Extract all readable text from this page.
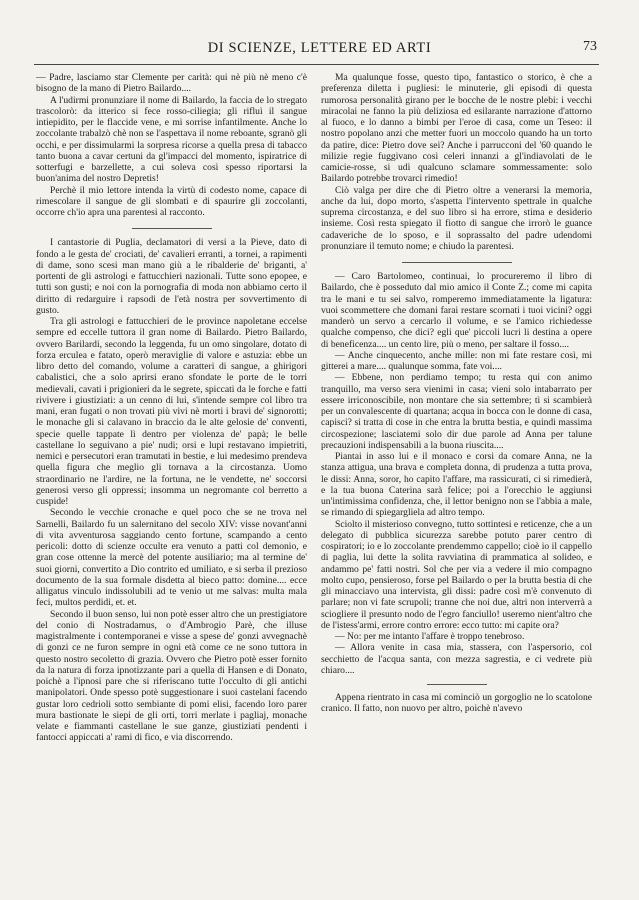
DI SCIENZE, LETTERE ED ARTI	73

— Padre, lasciamo star Clemente per carità: qui nè più nè meno c'è bisogno de la mano di Pietro Bailardo....

A l'udirmi pronunziare il nome di Bailardo, la faccia de lo stregato trascolorò: da itterico si fece rosso-ciliegia; gli rifluì il sangue intiepidito, per le flaccide vene, e mi sorrise infantilmente. Anche lo zoccolante trabalzò chè non se l'aspettava il nome reboante, sgranò gli occhi, e per dissimularmi la sorpresa ricorse a quella presa di tabacco tanto buona a cavar certuni da gl'impacci del momento, ispiratrice di sotterfugi e barzellette, a cui soleva così spesso riportarsi la buon'anima del nostro Depretis!

Perchè il mio lettore intenda la virtù di codesto nome, capace di rimescolare il sangue de gli slombati e di spaurire gli zoccolanti, occorre ch'io apra una parentesi al racconto.

I cantastorie di Puglia, declamatori di versi a la Pieve, dato di fondo a le gesta de' crociati, de' cavalieri erranti, a tornei, a rapimenti di dame, sono scesi man mano giù a le ribalderie de' briganti, a' portenti de gli astrologi e fattucchieri nazionali. Tutte sono epopee, e tutti son gusti; e noi con la pornografia di moda non abbiamo certo il diritto di redarguire i rapsodi de l'età nostra per sovvertimento di gusto.

Tra gli astrologi e fattucchieri de le province napoletane eccelse sempre ed eccelle tuttora il gran nome di Bailardo. Pietro Bailardo, ovvero Barilardi, secondo la leggenda, fu un omo singolare, dotato di forza erculea e fatato, operò meraviglie di valore e astuzia: ebbe un libro detto del comando, volume a caratteri di sangue, a ghirigori cabalistici, che a solo aprirsi erano sfondate le porte de le torri medievali, cavati i prigionieri da le segrete, spiccati da le forche e fatti rivivere i giustiziati: a un cenno di lui, s'intende sempre col libro tra mani, eran fugati o non trovati più vivi nè morti i bravi de' signorotti; le monache gli si calavano in braccio da le alte gelosie de' conventi, specie quelle tappate lì dentro per violenza de' papà; le belle castellane lo seguivano a pie' nudi; orsi e lupi restavano impietriti, nemici e persecutori eran tramutati in bestie, e lui medesimo prendeva quella figura che meglio gli tornava a la circostanza. Uomo straordinario ne l'ardire, ne la fortuna, ne le vendette, ne' soccorsi generosi verso gli oppressi; insomma un negromante col berretto a cuspide!

Secondo le vecchie cronache e quel poco che se ne trova nel Sarnelli, Bailardo fu un salernitano del secolo XIV: visse novant'anni di vita avventurosa saggiando cento fortune, scampando a cento pericoli: dotto di scienze occulte era venuto a patti col demonio, e gran cose ottenne la mercè del potente ausiliario; ma al termine de' suoi giorni, convertito a Dio contrito ed umiliato, e si serba il prezioso documento de la sua formale disdetta al bieco patto: domine.... ecce alligatus vinculo indissolubili ad te venio ut me salvas: multa mala feci, multos perdidi, et. et.

Secondo il buon senso, lui non potè esser altro che un prestigiatore del conio di Nostradamus, o d'Ambrogio Parè, che illuse magistralmente i contemporanei e visse a spese de' gonzi avvegnachè di gonzi ce ne furon sempre in ogni età come ce ne sono tuttora in questo nostro secoletto di grazia. Ovvero che Pietro potè esser fornito da la natura di forza ipnotizzante pari a quella di Hansen e di Donato, poichè a l'ipnosi pare che si riferiscano tutte l'occulto di gli antichi manipolatori. Onde spesso potè suggestionare i suoi castelani facendo gustar loro cedrioli sotto sembiante di pomi elisi, facendo loro parer mura bastionate le siepi de gli orti, torri merlate i pagliaj, monache velate e fiammanti castellane le sue ganze, giustiziati pendenti i fantocci appiccati a' rami di fico, e via discorrendo.

Ma qualunque fosse, questo tipo, fantastico o storico, è che a preferenza diletta i pugliesi: le minuterie, gli episodi di questa rumorosa personalità girano per le bocche de le nostre plebi: i vecchi miracolai ne fanno la più deliziosa ed esilarante narrazione d'attorno al fuoco, e lo danno a bimbi per l'eroe di casa, come un Teseo: il nostro popolano anzi che metter fuori un moccolo quando ha un torto da patire, dice: Pietro dove sei? Anche i parrucconi del '60 quando le milizie regie fuggivano così celeri innanzi a gl'indiavolati de le camicie-rosse, si udì qualcuno sclamare sommessamente: solo Bailardo potrebbe trovarci rimedio!

Ciò valga per dire che di Pietro oltre a venerarsi la memoria, anche da lui, dopo morto, s'aspetta l'intervento spettrale in qualche suprema circostanza, e del suo libro si ha errore, stima e desiderio insieme. Così resta spiegato il fiotto di sangue che irrorò le guance cadaveriche de lo sposo, e il soprassalto del padre udendomi pronunziare il temuto nome; e chiudo la parentesi.

— Caro Bartolomeo, continuai, lo procureremo il libro di Bailardo, che è posseduto dal mio amico il Conte Z.; come mi capita tra le mani e tu sei salvo, romperemo immediatamente la ligatura: vuoi scommettere che domani farai restare scornati i tuoi vicini? oggi manderò un servo a cercarlo il volume, e se l'amico richiedesse qualche compenso, che dici? egli que' piccoli lucri li destina a opere di beneficenza.... un cento lire, più o meno, per saltare il fosso....

— Anche cinquecento, anche mille: non mi fate restare così, mi gitterei a mare.... qualunque somma, fate voi....

— Ebbene, non perdiamo tempo; tu resta qui con animo tranquillo, ma verso sera vienimi in casa; vieni solo intabarrato per essere irriconoscibile, non montare che sia settembre; tì si scambierà per un convalescente di quartana; acqua in bocca con le donne di casa, capisci? si tratta di cose in che entra la brutta bestia, e quindi massima circospezione; lasciatemi solo dir due parole ad Anna per talune precauzioni indispensabili a la buona riuscita....

Piantai in asso lui e il monaco e corsi da comare Anna, ne la stanza attigua, una brava e completa donna, di prudenza a tutta prova, le dissi: Anna, soror, ho capito l'affare, ma rassicurati, ci si rimedierà, e la tua buona Caterina sarà felice; poi a l'orecchio le aggiunsi un'intimissima confidenza, che, il lettor benigno non se l'abbia a male, se rimando di spiegargliela ad altro tempo.

Sciolto il misterioso convegno, tutto sottintesi e reticenze, che a un delegato di pubblica sicurezza sarebbe potuto parer centro di cospiratori; io e lo zoccolante prendemmo cappello; cioè io il cappello di paglia, lui dette la solita ravviatina di prammatica al solideo, e andammo pe' fatti nostri. Sol che per via a vedere il mio compagno molto cupo, pensieroso, forse pel Bailardo o per la brutta bestia di che gli minacciavo una intervista, gli dissi: padre così m'è convenuto di parlare; non vi fate scrupoli; tranne che noi due, altri non interverrà a sciogliere il presunto nodo de l'egro fanciullo! useremo nient'altro che de l'istess'armi, errore contro errore: ecco tutto: mi capite ora?

— No: per me intanto l'affare è troppo tenebroso.

— Allora venite in casa mia, stassera, con l'aspersorio, col secchietto de l'acqua santa, con mezza sagrestia, e ci vedrete più chiaro....

Appena rientrato in casa mi cominciò un gorgoglio ne lo scatolone cranico. Il fatto, non nuovo per altro, poichè n'avevo
